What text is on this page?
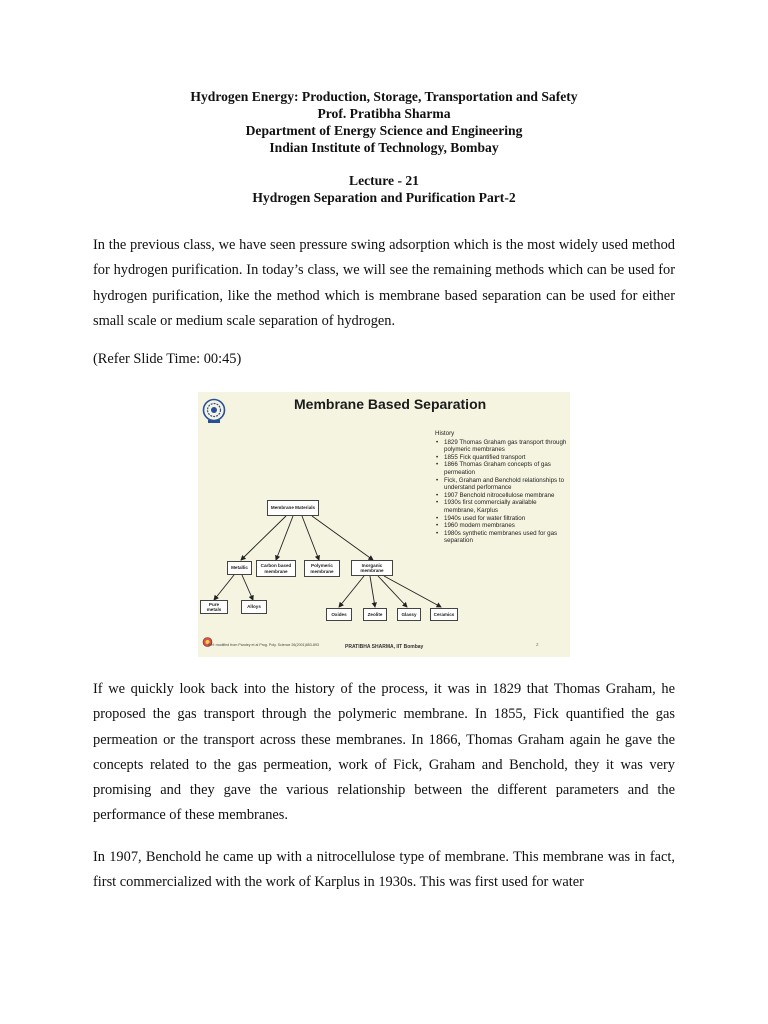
Hydrogen Energy: Production, Storage, Transportation and Safety
Prof. Pratibha Sharma
Department of Energy Science and Engineering
Indian Institute of Technology, Bombay
Lecture - 21
Hydrogen Separation and Purification Part-2

In the previous class, we have seen pressure swing adsorption which is the most widely used method for hydrogen purification. In today’s class, we will see the remaining methods which can be used for hydrogen purification, like the method which is membrane based separation can be used for either small scale or medium scale separation of hydrogen.

(Refer Slide Time: 00:45)
Membrane Based Separation
History
• 1829 Thomas Graham gas transport through polymeric membranes
• 1855 Fick quantified transport
• 1866 Thomas Graham concepts of gas permeation
• Fick, Graham and Benchold relationships to understand performance
• 1907 Benchold nitrocellulose membrane
• 1930s first commercially available membrane, Karplus
• 1940s used for water filtration
• 1960 modern membranes
• 1980s synthetic membranes used for gas separation
Membrane Materials
Metallic	Carbon based membrane
Polymeric membrane
Inorganic membrane
Pure metals
Alloys
Oxides	Zeolite	Glassy	Ceramics
Ref: modified from Pandey et al Prog. Poly. Science 26(2001)853-893	PRATIBHA SHARMA, IIT Bombay	2

If we quickly look back into the history of the process, it was in 1829 that Thomas Graham, he proposed the gas transport through the polymeric membrane. In 1855, Fick quantified the gas permeation or the transport across these membranes. In 1866, Thomas Graham again he gave the concepts related to the gas permeation, work of Fick, Graham and Benchold, they it was very promising and they gave the various relationship between the different parameters and the performance of these membranes.

In 1907, Benchold he came up with a nitrocellulose type of membrane. This membrane was in fact, first commercialized with the work of Karplus in 1930s. This was first used for water
